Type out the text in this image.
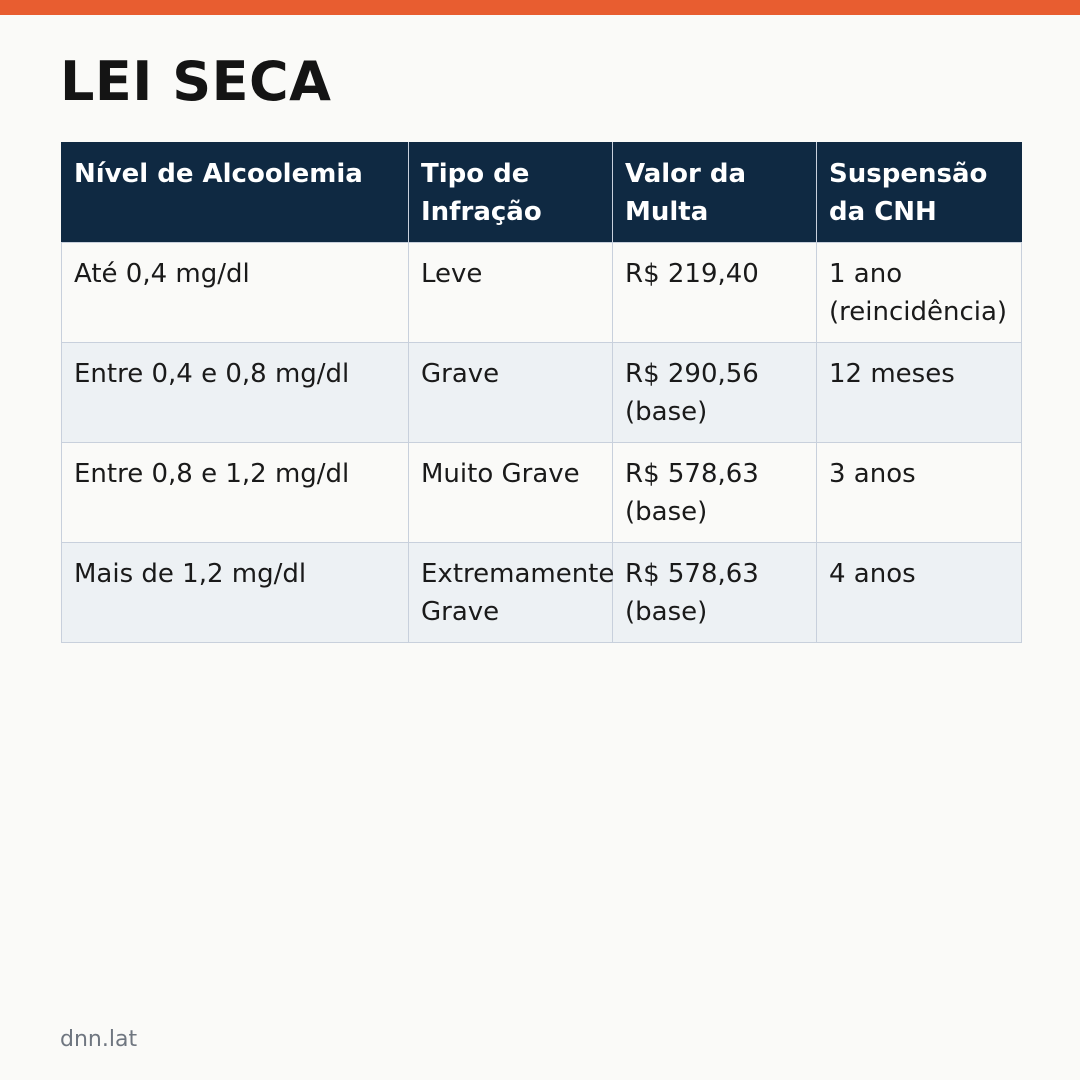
LEI SECA
Nível de Alcoolemia	Tipo de Infração	Valor da Multa	Suspensão da CNH
Até 0,4 mg/dl	Leve	R$ 219,40	1 ano (reincidência)
Entre 0,4 e 0,8 mg/dl	Grave	R$ 290,56 (base)	12 meses
Entre 0,8 e 1,2 mg/dl	Muito Grave	R$ 578,63 (base)	3 anos
Mais de 1,2 mg/dl	Extremamente Grave	R$ 578,63 (base)	4 anos
dnn.lat
